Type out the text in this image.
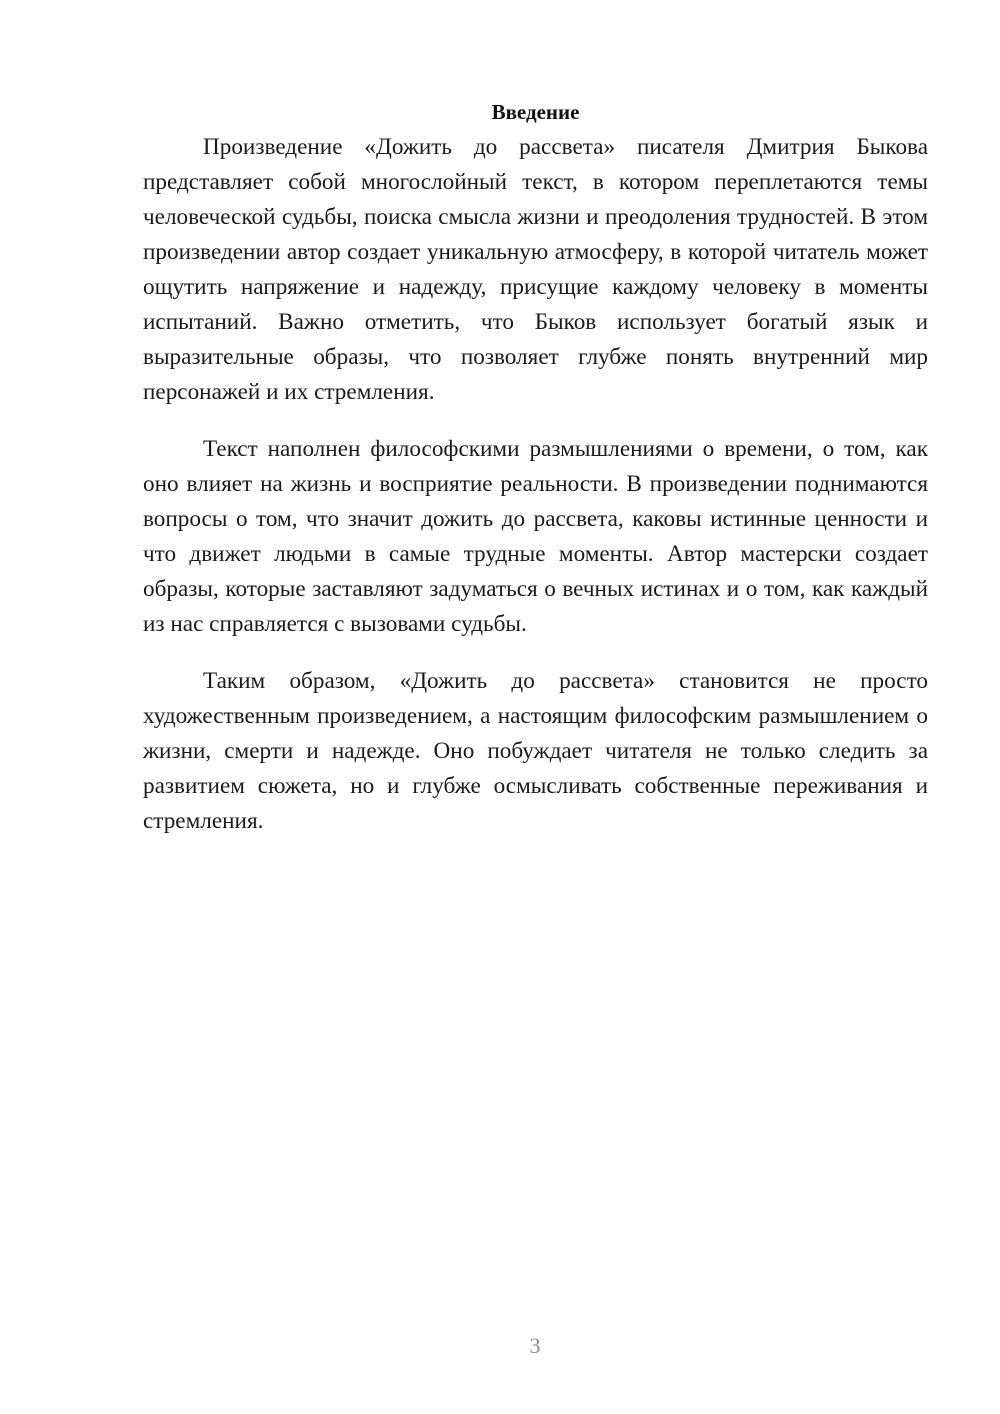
Введение

Произведение «Дожить до рассвета» писателя Дмитрия Быкова представляет собой многослойный текст, в котором переплетаются темы человеческой судьбы, поиска смысла жизни и преодоления трудностей. В этом произведении автор создает уникальную атмосферу, в которой читатель может ощутить напряжение и надежду, присущие каждому человеку в моменты испытаний. Важно отметить, что Быков использует богатый язык и выразительные образы, что позволяет глубже понять внутренний мир персонажей и их стремления.

Текст наполнен философскими размышлениями о времени, о том, как оно влияет на жизнь и восприятие реальности. В произведении поднимаются вопросы о том, что значит дожить до рассвета, каковы истинные ценности и что движет людьми в самые трудные моменты. Автор мастерски создает образы, которые заставляют задуматься о вечных истинах и о том, как каждый из нас справляется с вызовами судьбы.

Таким образом, «Дожить до рассвета» становится не просто художественным произведением, а настоящим философским размышлением о жизни, смерти и надежде. Оно побуждает читателя не только следить за развитием сюжета, но и глубже осмысливать собственные переживания и стремления.

3
